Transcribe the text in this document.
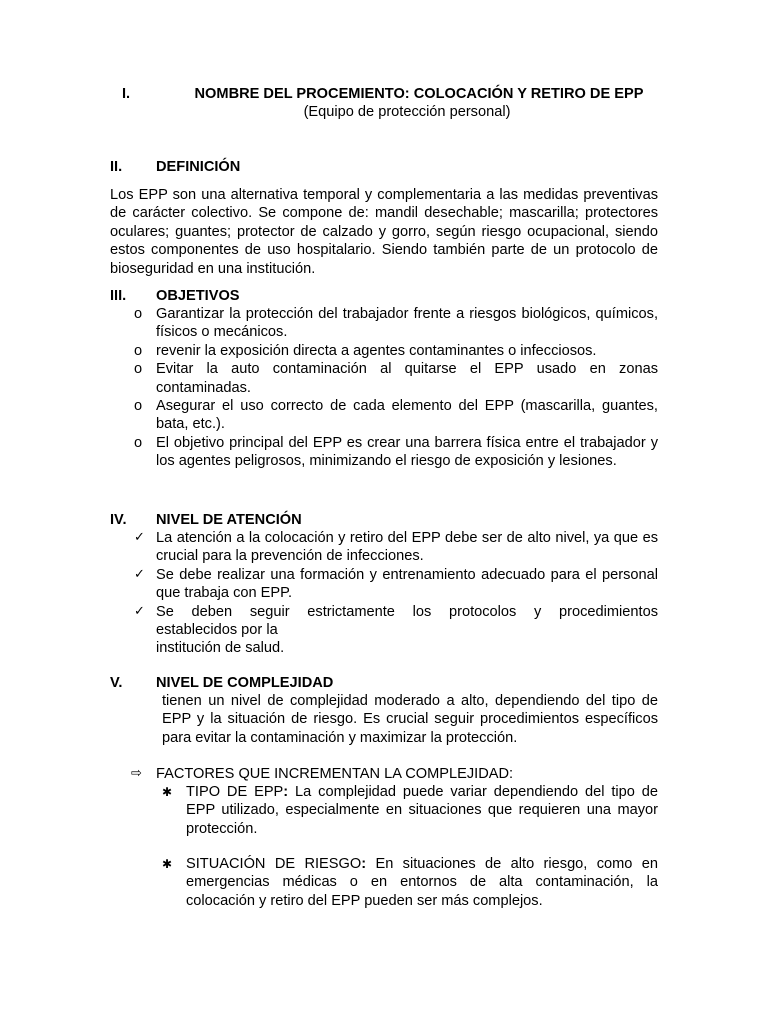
I.	NOMBRE DEL PROCEMIENTO: COLOCACIÓN Y RETIRO DE EPP
(Equipo de protección personal)
II.	DEFINICIÓN
Los EPP son una alternativa temporal y complementaria a las medidas preventivas de carácter colectivo. Se compone de: mandil desechable; mascarilla; protectores oculares; guantes; protector de calzado y gorro, según riesgo ocupacional, siendo estos componentes de uso hospitalario. Siendo también parte de un protocolo de bioseguridad en una institución.
III.	OBJETIVOS
o Garantizar la protección del trabajador frente a riesgos biológicos, químicos, físicos o mecánicos.
o revenir la exposición directa a agentes contaminantes o infecciosos.
o Evitar la auto contaminación al quitarse el EPP usado en zonas contaminadas.
o Asegurar el uso correcto de cada elemento del EPP (mascarilla, guantes, bata, etc.).
o El objetivo principal del EPP es crear una barrera física entre el trabajador y los agentes peligrosos, minimizando el riesgo de exposición y lesiones.
IV.	NIVEL DE ATENCIÓN
✓ La atención a la colocación y retiro del EPP debe ser de alto nivel, ya que es crucial para la prevención de infecciones.
✓ Se debe realizar una formación y entrenamiento adecuado para el personal que trabaja con EPP.
✓ Se deben seguir estrictamente los protocolos y procedimientos
establecidos por la
institución de salud.
V.	NIVEL DE COMPLEJIDAD
tienen un nivel de complejidad moderado a alto, dependiendo del tipo de EPP y la situación de riesgo. Es crucial seguir procedimientos específicos para evitar la contaminación y maximizar la protección.
⇨ FACTORES QUE INCREMENTAN LA COMPLEJIDAD:
✱ TIPO DE EPP: La complejidad puede variar dependiendo del tipo de EPP utilizado, especialmente en situaciones que requieren una mayor protección.
✱ SITUACIÓN DE RIESGO: En situaciones de alto riesgo, como en emergencias médicas o en entornos de alta contaminación, la colocación y retiro del EPP pueden ser más complejos.
